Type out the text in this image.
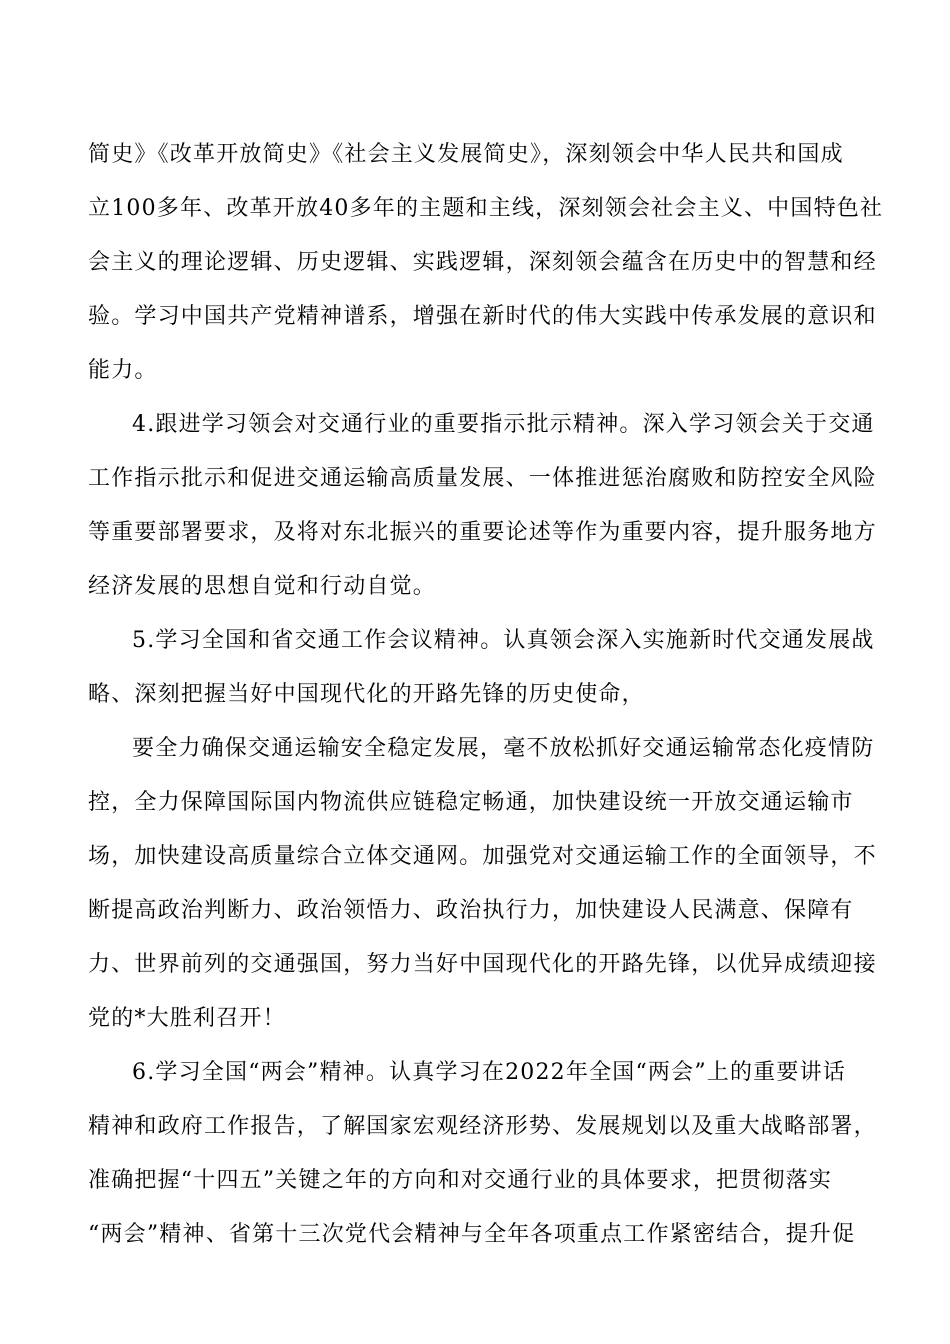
简史》《改革开放简史》《社会主义发展简史》，深刻领会中华人民共和国成
立100多年、改革开放40多年的主题和主线，深刻领会社会主义、中国特色社
会主义的理论逻辑、历史逻辑、实践逻辑，深刻领会蕴含在历史中的智慧和经
验。学习中国共产党精神谱系，增强在新时代的伟大实践中传承发展的意识和
能力。
4.跟进学习领会对交通行业的重要指示批示精神。深入学习领会关于交通
工作指示批示和促进交通运输高质量发展、一体推进惩治腐败和防控安全风险
等重要部署要求，及将对东北振兴的重要论述等作为重要内容，提升服务地方
经济发展的思想自觉和行动自觉。
5.学习全国和省交通工作会议精神。认真领会深入实施新时代交通发展战
略、深刻把握当好中国现代化的开路先锋的历史使命，
要全力确保交通运输安全稳定发展，毫不放松抓好交通运输常态化疫情防
控，全力保障国际国内物流供应链稳定畅通，加快建设统一开放交通运输市
场，加快建设高质量综合立体交通网。加强党对交通运输工作的全面领导，不
断提高政治判断力、政治领悟力、政治执行力，加快建设人民满意、保障有
力、世界前列的交通强国，努力当好中国现代化的开路先锋，以优异成绩迎接
党的*大胜利召开！
6.学习全国“两会”精神。认真学习在2022年全国“两会”上的重要讲话
精神和政府工作报告，了解国家宏观经济形势、发展规划以及重大战略部署，
准确把握“十四五”关键之年的方向和对交通行业的具体要求，把贯彻落实
“两会”精神、省第十三次党代会精神与全年各项重点工作紧密结合，提升促
